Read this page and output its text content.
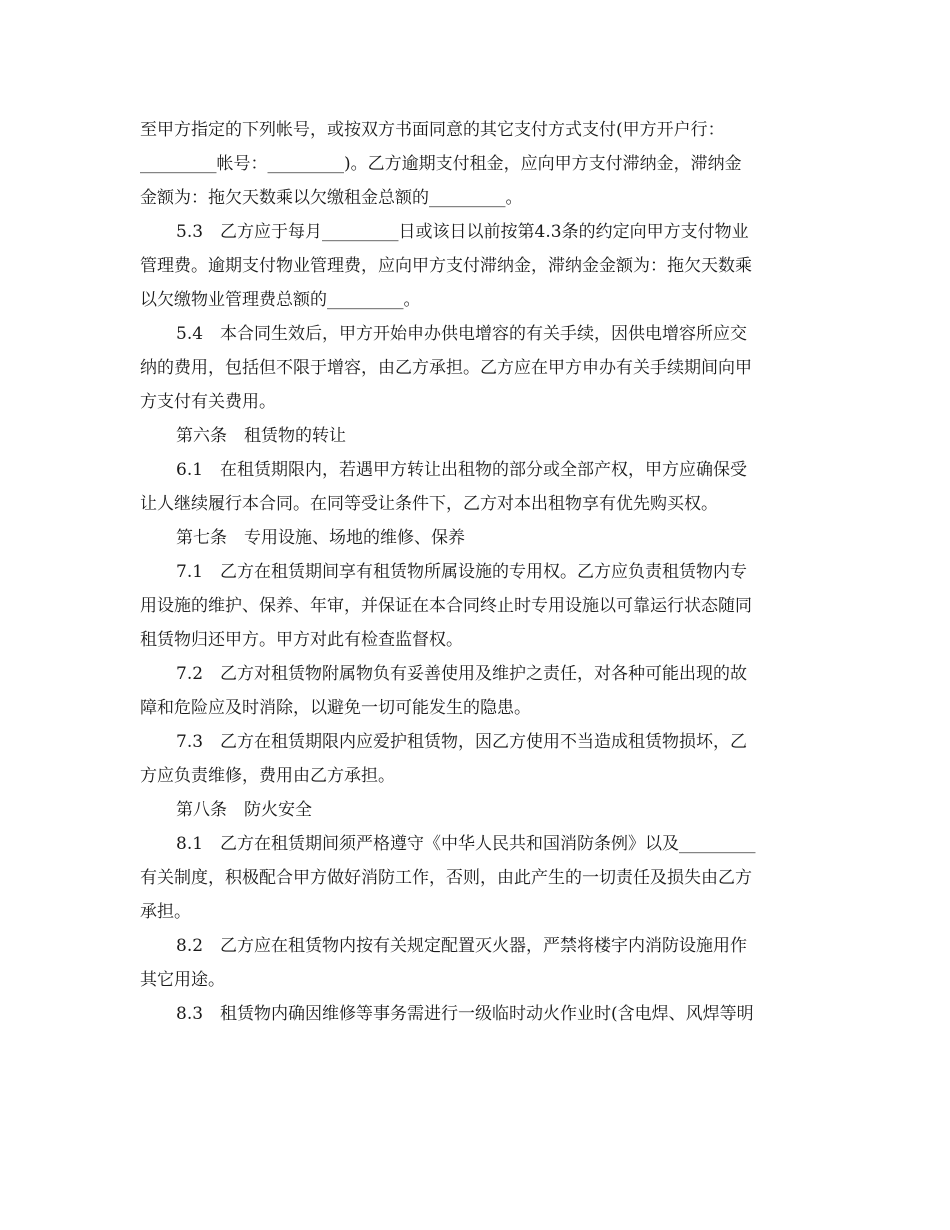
至甲方指定的下列帐号，或按双方书面同意的其它支付方式支付(甲方开户行：
_________帐号：_________)。乙方逾期支付租金，应向甲方支付滞纳金，滞纳金
金额为：拖欠天数乘以欠缴租金总额的_________。
5.3　乙方应于每月_________日或该日以前按第4.3条的约定向甲方支付物业
管理费。逾期支付物业管理费，应向甲方支付滞纳金，滞纳金金额为：拖欠天数乘
以欠缴物业管理费总额的_________。
5.4　本合同生效后，甲方开始申办供电增容的有关手续，因供电增容所应交
纳的费用，包括但不限于增容，由乙方承担。乙方应在甲方申办有关手续期间向甲
方支付有关费用。
第六条　租赁物的转让
6.1　在租赁期限内，若遇甲方转让出租物的部分或全部产权，甲方应确保受
让人继续履行本合同。在同等受让条件下，乙方对本出租物享有优先购买权。
第七条　专用设施、场地的维修、保养
7.1　乙方在租赁期间享有租赁物所属设施的专用权。乙方应负责租赁物内专
用设施的维护、保养、年审，并保证在本合同终止时专用设施以可靠运行状态随同
租赁物归还甲方。甲方对此有检查监督权。
7.2　乙方对租赁物附属物负有妥善使用及维护之责任，对各种可能出现的故
障和危险应及时消除，以避免一切可能发生的隐患。
7.3　乙方在租赁期限内应爱护租赁物，因乙方使用不当造成租赁物损坏，乙
方应负责维修，费用由乙方承担。
第八条　防火安全
8.1　乙方在租赁期间须严格遵守《中华人民共和国消防条例》以及_________
有关制度，积极配合甲方做好消防工作，否则，由此产生的一切责任及损失由乙方
承担。
8.2　乙方应在租赁物内按有关规定配置灭火器，严禁将楼宇内消防设施用作
其它用途。
8.3　租赁物内确因维修等事务需进行一级临时动火作业时(含电焊、风焊等明
